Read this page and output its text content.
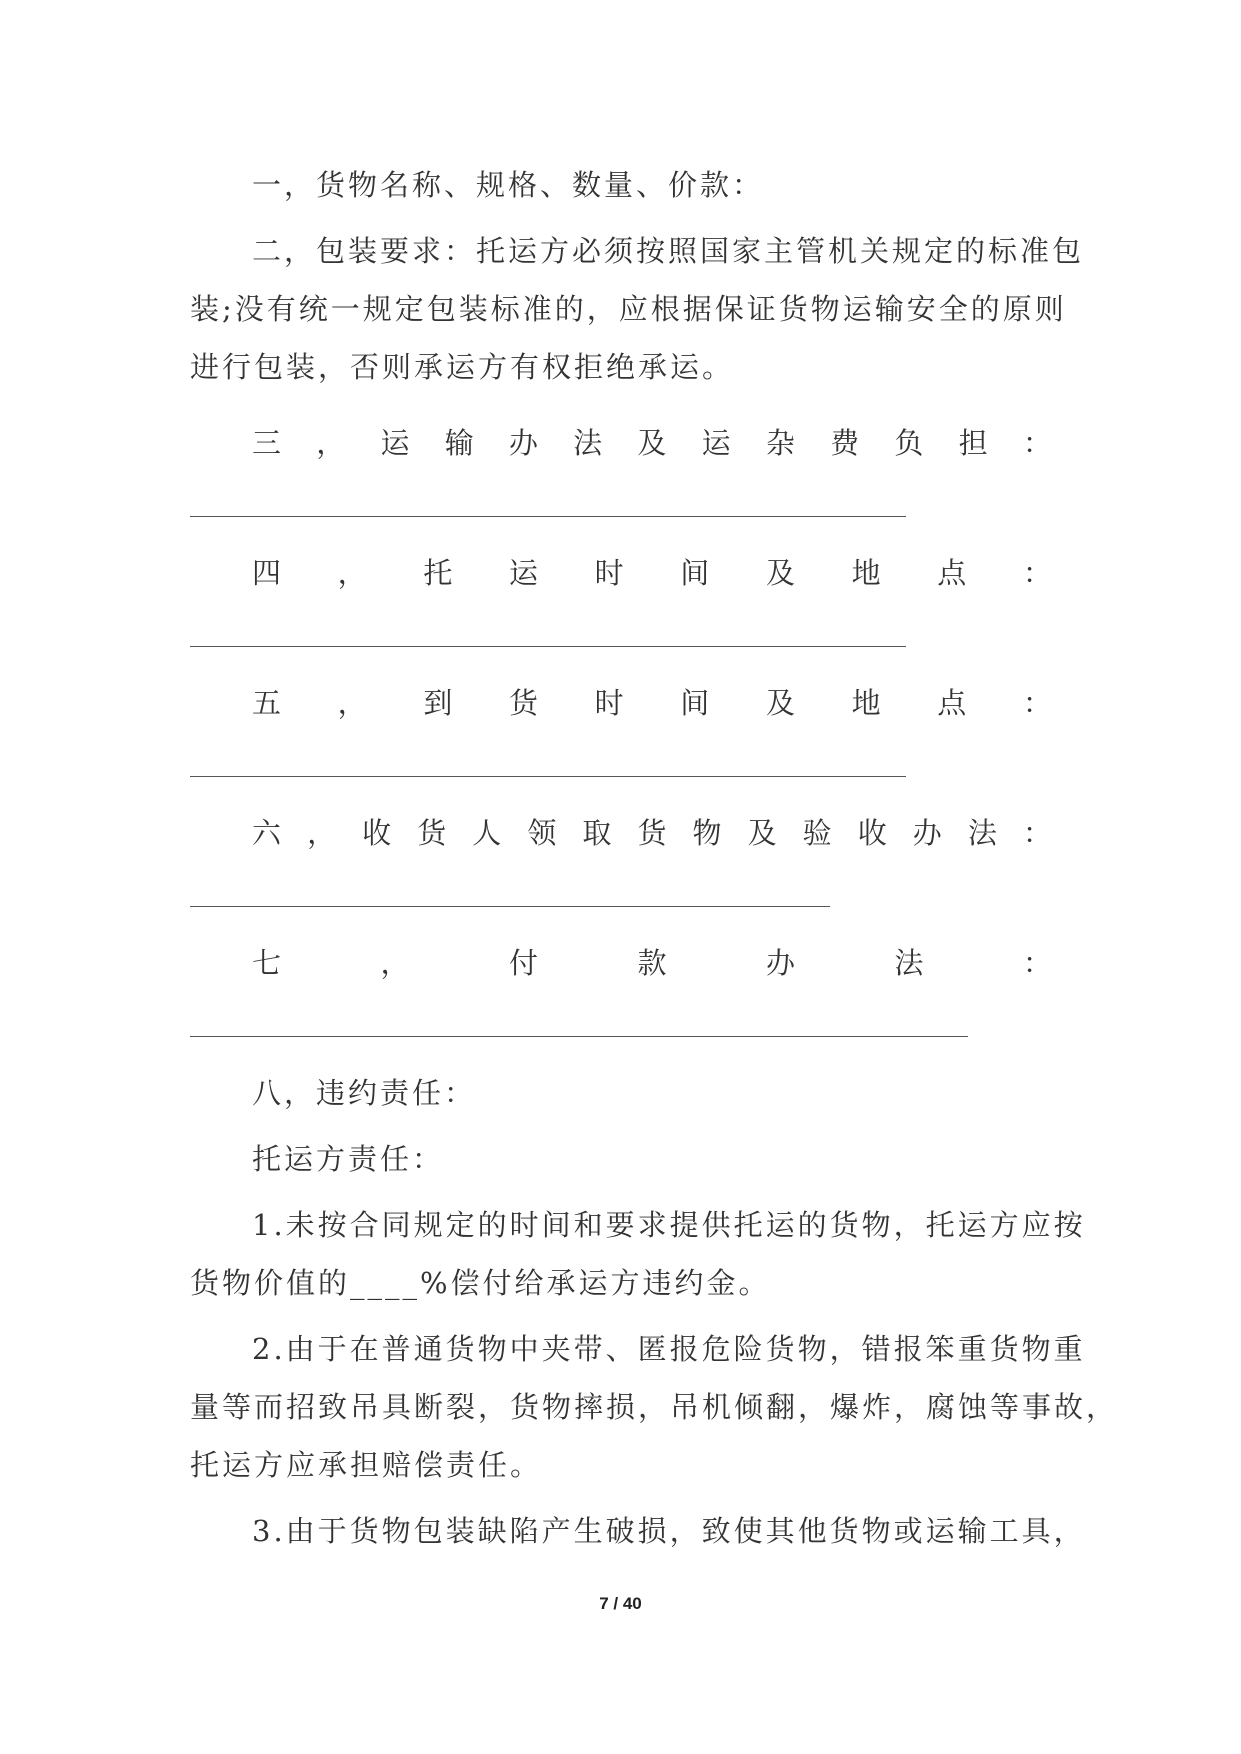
一，货物名称、规格、数量、价款：
二，包装要求：托运方必须按照国家主管机关规定的标准包
装;没有统一规定包装标准的，应根据保证货物运输安全的原则
进行包装，否则承运方有权拒绝承运。
三 ， 运 输 办 法 及 运 杂 费 负 担 ：
四 ， 托 运 时 间 及 地 点 ：
五 ， 到 货 时 间 及 地 点 ：
六 ， 收 货 人 领 取 货 物 及 验 收 办 法 ：
七	，	付	款	办	法	：
八，违约责任：
托运方责任：
1.未按合同规定的时间和要求提供托运的货物，托运方应按
货物价值的____%偿付给承运方违约金。
2.由于在普通货物中夹带、匿报危险货物，错报笨重货物重
量等而招致吊具断裂，货物摔损，吊机倾翻，爆炸，腐蚀等事故，
托运方应承担赔偿责任。
3.由于货物包装缺陷产生破损，致使其他货物或运输工具，
7 / 40
